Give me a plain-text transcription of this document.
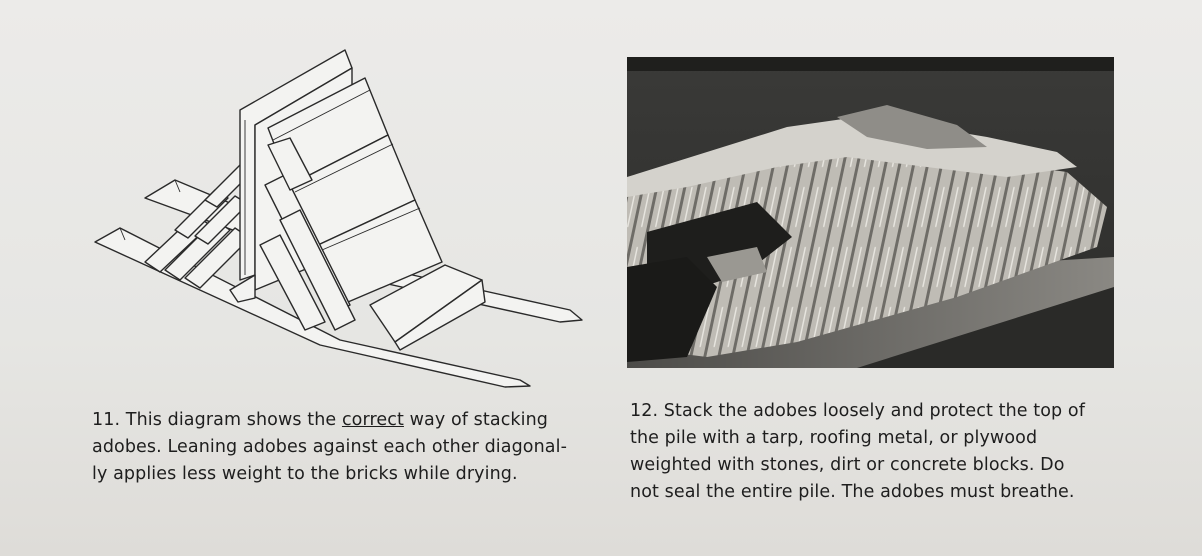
11. This diagram shows the correct way of stacking
adobes. Leaning adobes against each other diagonal-
ly applies less weight to the bricks while drying.
12. Stack the adobes loosely and protect the top of
the pile with a tarp, roofing metal, or plywood
weighted with stones, dirt or concrete blocks. Do
not seal the entire pile. The adobes must breathe.
